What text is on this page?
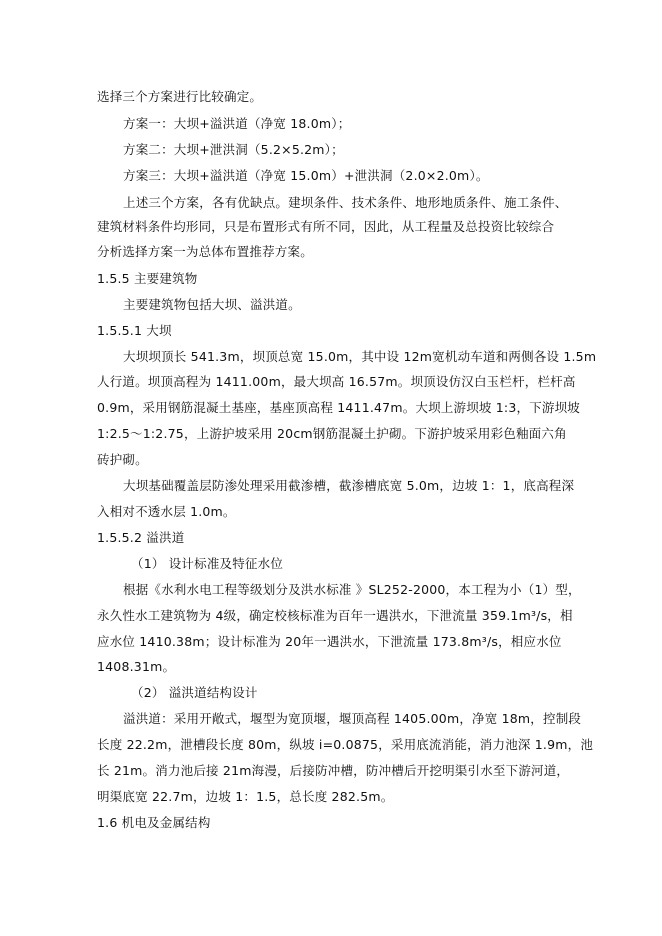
选择三个方案进行比较确定。
方案一：大坝+溢洪道（净宽 18.0m）；
方案二：大坝+泄洪洞（5.2×5.2m）；
方案三：大坝+溢洪道（净宽 15.0m）+泄洪洞（2.0×2.0m）。
上述三个方案，各有优缺点。建坝条件、技术条件、地形地质条件、施工条件、
建筑材料条件均形同，只是布置形式有所不同，因此，从工程量及总投资比较综合
分析选择方案一为总体布置推荐方案。
1.5.5 主要建筑物
主要建筑物包括大坝、溢洪道。
1.5.5.1 大坝
大坝坝顶长 541.3m，坝顶总宽 15.0m，其中设 12m宽机动车道和两侧各设 1.5m
人行道。坝顶高程为 1411.00m，最大坝高 16.57m。坝顶设仿汉白玉栏杆，栏杆高
0.9m，采用钢筋混凝土基座，基座顶高程 1411.47m。大坝上游坝坡 1:3，下游坝坡
1:2.5～1:2.75，上游护坡采用 20cm钢筋混凝土护砌。下游护坡采用彩色釉面六角
砖护砌。
大坝基础覆盖层防渗处理采用截渗槽，截渗槽底宽 5.0m，边坡 1：1，底高程深
入相对不透水层 1.0m。
1.5.5.2 溢洪道
（1） 设计标准及特征水位
根据《水利水电工程等级划分及洪水标准 》SL252-2000，本工程为小（1）型，
永久性水工建筑物为 4级，确定校核标准为百年一遇洪水，下泄流量 359.1m³/s，相
应水位 1410.38m；设计标准为 20年一遇洪水，下泄流量 173.8m³/s，相应水位
1408.31m。
（2） 溢洪道结构设计
溢洪道：采用开敞式，堰型为宽顶堰，堰顶高程 1405.00m，净宽 18m，控制段
长度 22.2m，泄槽段长度 80m，纵坡 i=0.0875，采用底流消能，消力池深 1.9m，池
长 21m。消力池后接 21m海漫，后接防冲槽，防冲槽后开挖明渠引水至下游河道，
明渠底宽 22.7m，边坡 1：1.5，总长度 282.5m。
1.6 机电及金属结构
